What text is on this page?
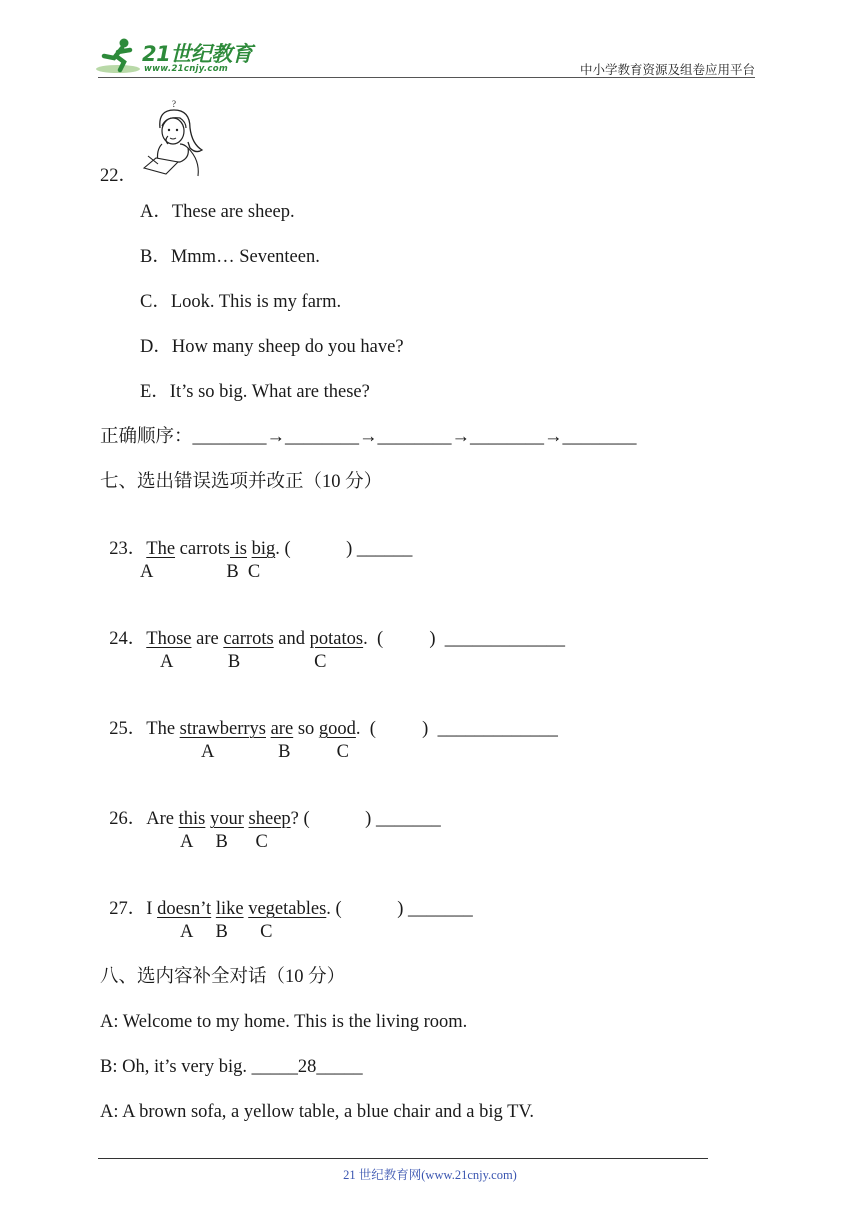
21世纪教育
www.21cnjy.com	中小学教育资源及组卷应用平台
?
22．
A．These are sheep.
B．Mmm… Seventeen.
C．Look. This is my farm.
D．How many sheep do you have?
E．It’s so big. What are these?
正确顺序：________→________→________→________→________
七、选出错误选项并改正（10 分）

23．The carrots is big. (            ) ______

A                B  C

24．Those are carrots and potatos.  (          )  _____________

A            B                C

25．The strawberrys are so good.  (          )  _____________

A              B          C

26．Are this your sheep? (            ) _______

A     B      C

27．I doesn’t like vegetables. (            ) _______

A     B       C
八、选内容补全对话（10 分）
A: Welcome to my home. This is the living room.
B: Oh, it’s very big. _____28_____
A: A brown sofa, a yellow table, a blue chair and a big TV.
21 世纪教育网(www.21cnjy.com)
